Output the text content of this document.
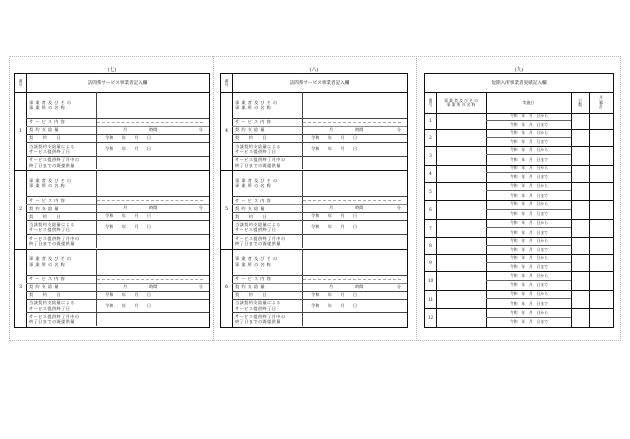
(七)	(八)	(九)
番
号	訪問系サービス事業者記入欄
1
事 業 者 及 び そ の
事 業 所 の 名 称
サ ー ビ ス 内 容
契 約 支 給 量	月	時間	分
契　　約　　日	令和　　年　　月　　日
当該契約支給量による
サービス提供終了日
令和　　年　　月　　日
サービス提供終了月中の
終了日までの既提供量
2
事 業 者 及 び そ の
事 業 所 の 名 称
サ ー ビ ス 内 容
契 約 支 給 量	月	時間	分
契　　約　　日	令和　　年　　月　　日
当該契約支給量による
サービス提供終了日
令和　　年　　月　　日
サービス提供終了月中の
終了日までの既提供量
3
事 業 者 及 び そ の
事 業 所 の 名 称
サ ー ビ ス 内 容
契 約 支 給 量	月	時間	分
契　　約　　日	令和　　年　　月　　日
当該契約支給量による
サービス提供終了日
令和　　年　　月　　日
サービス提供終了月中の
終了日までの既提供量
番
号	訪問系サービス事業者記入欄
4
事 業 者 及 び そ の
事 業 所 の 名 称
サ ー ビ ス 内 容
契 約 支 給 量	月	時間	分
契　　約　　日	令和　　年　　月　　日
当該契約支給量による
サービス提供終了日
令和　　年　　月　　日
サービス提供終了月中の
終了日までの既提供量
5
事 業 者 及 び そ の
事 業 所 の 名 称
サ ー ビ ス 内 容
契 約 支 給 量	月	時間	分
契　　約　　日	令和　　年　　月　　日
当該契約支給量による
サービス提供終了日
令和　　年　　月　　日
サービス提供終了月中の
終了日までの既提供量
6
事 業 者 及 び そ の
事 業 所 の 名 称
サ ー ビ ス 内 容
契 約 支 給 量	月	時間	分
契　　約　　日	令和　　年　　月　　日
当該契約支給量による
サービス提供終了日
令和　　年　　月　　日
サービス提供終了月中の
終了日までの既提供量
番
号
事 業 者 及 び そ の
事 業 所 の 名 称	実施日	日
数
月
累
計
短期入所事業者実績記入欄
1
令和　年　月　日から
令和　年　月　日まで
2
令和　年　月　日から
令和　年　月　日まで
3
令和　年　月　日から
令和　年　月　日まで
4
令和　年　月　日から
令和　年　月　日まで
5
令和　年　月　日から
令和　年　月　日まで
6
令和　年　月　日から
令和　年　月　日まで
7
令和　年　月　日から
令和　年　月　日まで
8
令和　年　月　日から
令和　年　月　日まで
9
令和　年　月　日から
令和　年　月　日まで
10
令和　年　月　日から
令和　年　月　日まで
11
令和　年　月　日から
令和　年　月　日まで
12
令和　年　月　日から
令和　年　月　日まで
